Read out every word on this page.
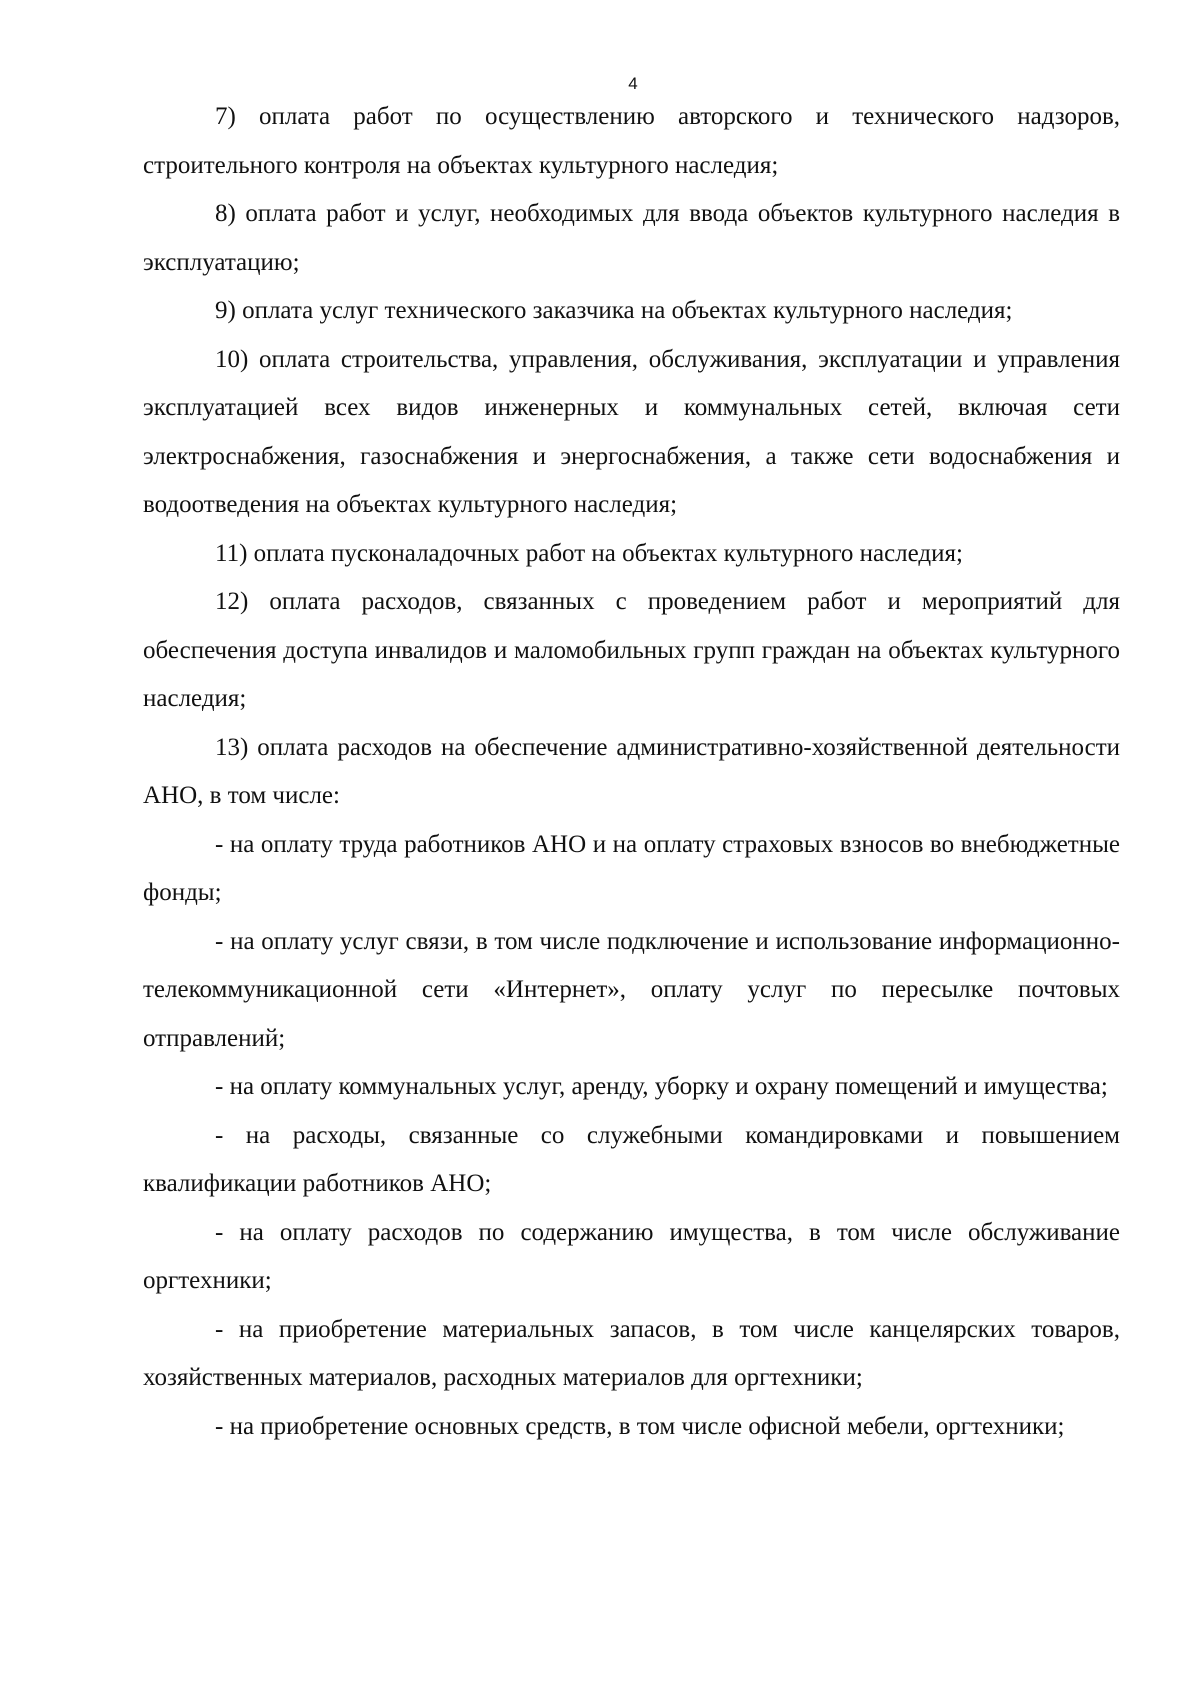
4

7) оплата работ по осуществлению авторского и технического надзоров, строительного контроля на объектах культурного наследия;

8) оплата работ и услуг, необходимых для ввода объектов культурного наследия в эксплуатацию;

9) оплата услуг технического заказчика на объектах культурного наследия;

10) оплата строительства, управления, обслуживания, эксплуатации и управления эксплуатацией всех видов инженерных и коммунальных сетей, включая сети электроснабжения, газоснабжения и энергоснабжения, а также сети водоснабжения и водоотведения на объектах культурного наследия;

11) оплата пусконаладочных работ на объектах культурного наследия;

12) оплата расходов, связанных с проведением работ и мероприятий для обеспечения доступа инвалидов и маломобильных групп граждан на объектах культурного наследия;

13) оплата расходов на обеспечение административно-хозяйственной деятельности АНО, в том числе:

- на оплату труда работников АНО и на оплату страховых взносов во внебюджетные фонды;

- на оплату услуг связи, в том числе подключение и использование информационно-телекоммуникационной сети «Интернет», оплату услуг по пересылке почтовых отправлений;

- на оплату коммунальных услуг, аренду, уборку и охрану помещений и имущества;

- на расходы, связанные со служебными командировками и повышением квалификации работников АНО;

- на оплату расходов по содержанию имущества, в том числе обслуживание оргтехники;

- на приобретение материальных запасов, в том числе канцелярских товаров, хозяйственных материалов, расходных материалов для оргтехники;

- на приобретение основных средств, в том числе офисной мебели, оргтехники;
